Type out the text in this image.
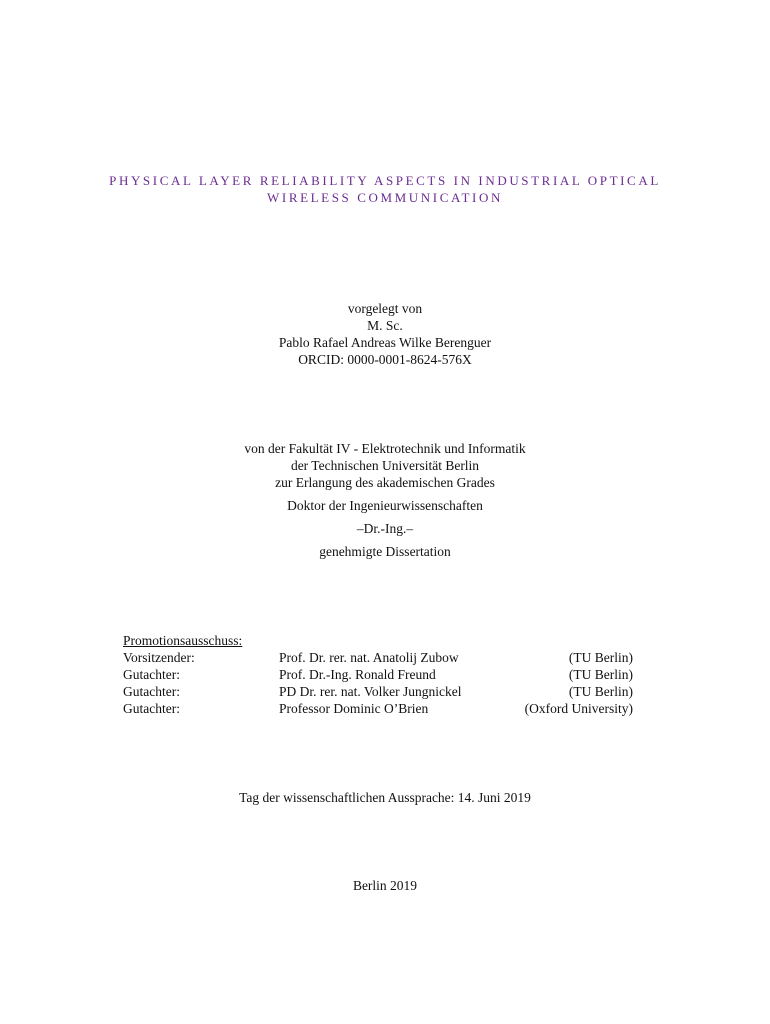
PHYSICAL LAYER RELIABILITY ASPECTS IN INDUSTRIAL OPTICAL
WIRELESS COMMUNICATION
vorgelegt von
M. Sc.
Pablo Rafael Andreas Wilke Berenguer
ORCID: 0000-0001-8624-576X
von der Fakultät IV - Elektrotechnik und Informatik
der Technischen Universität Berlin
zur Erlangung des akademischen Grades
Doktor der Ingenieurwissenschaften
–Dr.-Ing.–
genehmigte Dissertation
Promotionsausschuss:
Vorsitzender:	Prof. Dr. rer. nat. Anatolij Zubow	(TU Berlin)
Gutachter:	Prof. Dr.-Ing. Ronald Freund	(TU Berlin)
Gutachter:	PD Dr. rer. nat. Volker Jungnickel	(TU Berlin)
Gutachter:	Professor Dominic O’Brien	(Oxford University)
Tag der wissenschaftlichen Aussprache: 14. Juni 2019
Berlin 2019
